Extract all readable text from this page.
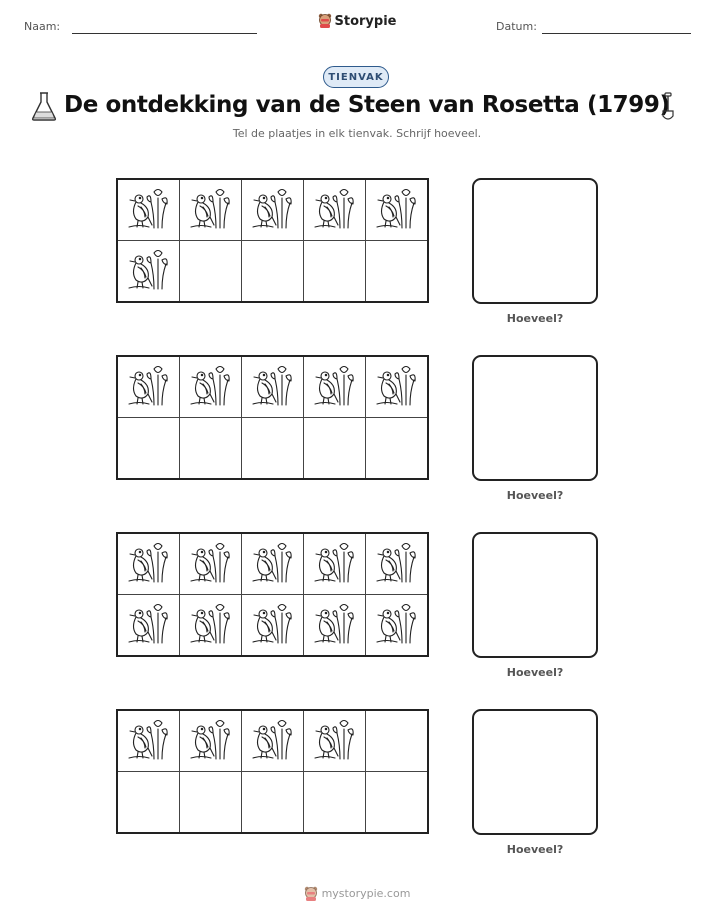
Naam:	Storypie	Datum:
TIENVAK
De ontdekking van de Steen van Rosetta (1799)
Tel de plaatjes in elk tienvak. Schrijf hoeveel.

Hoeveel?

Hoeveel?

Hoeveel?

Hoeveel?
mystorypie.com
